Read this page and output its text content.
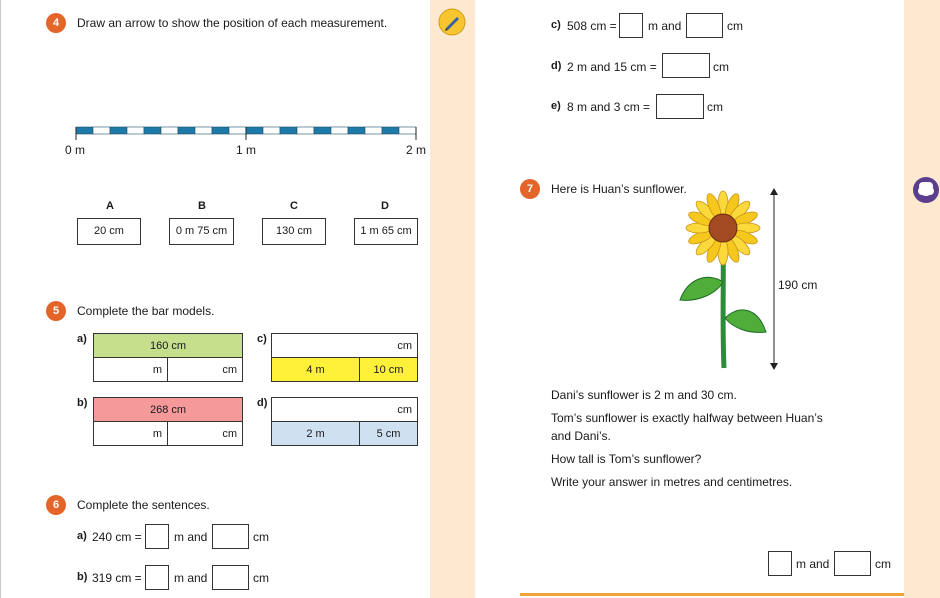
4	Draw an arrow to show the position of each measurement.
0 m	1 m	2 m
A	B	C	D
20 cm	0 m 75 cm	130 cm	1 m 65 cm
5	Complete the bar models.
a)
160 cm
m	cm
b)
268 cm
m	cm
c)
cm
4 m	10 cm
d)
cm
2 m	5 cm
6	Complete the sentences.
a) 240 cm =	m and	cm
b) 319 cm =	m and	cm
c) 508 cm =	m and	cm
d) 2 m and 15 cm =	cm
e) 8 m and 3 cm =	cm
7	Here is Huan’s sunflower.
190 cm
Dani’s sunflower is 2 m and 30 cm.
Tom’s sunflower is exactly halfway between Huan’s
and Dani’s.
How tall is Tom’s sunflower?
Write your answer in metres and centimetres.
m and	cm
